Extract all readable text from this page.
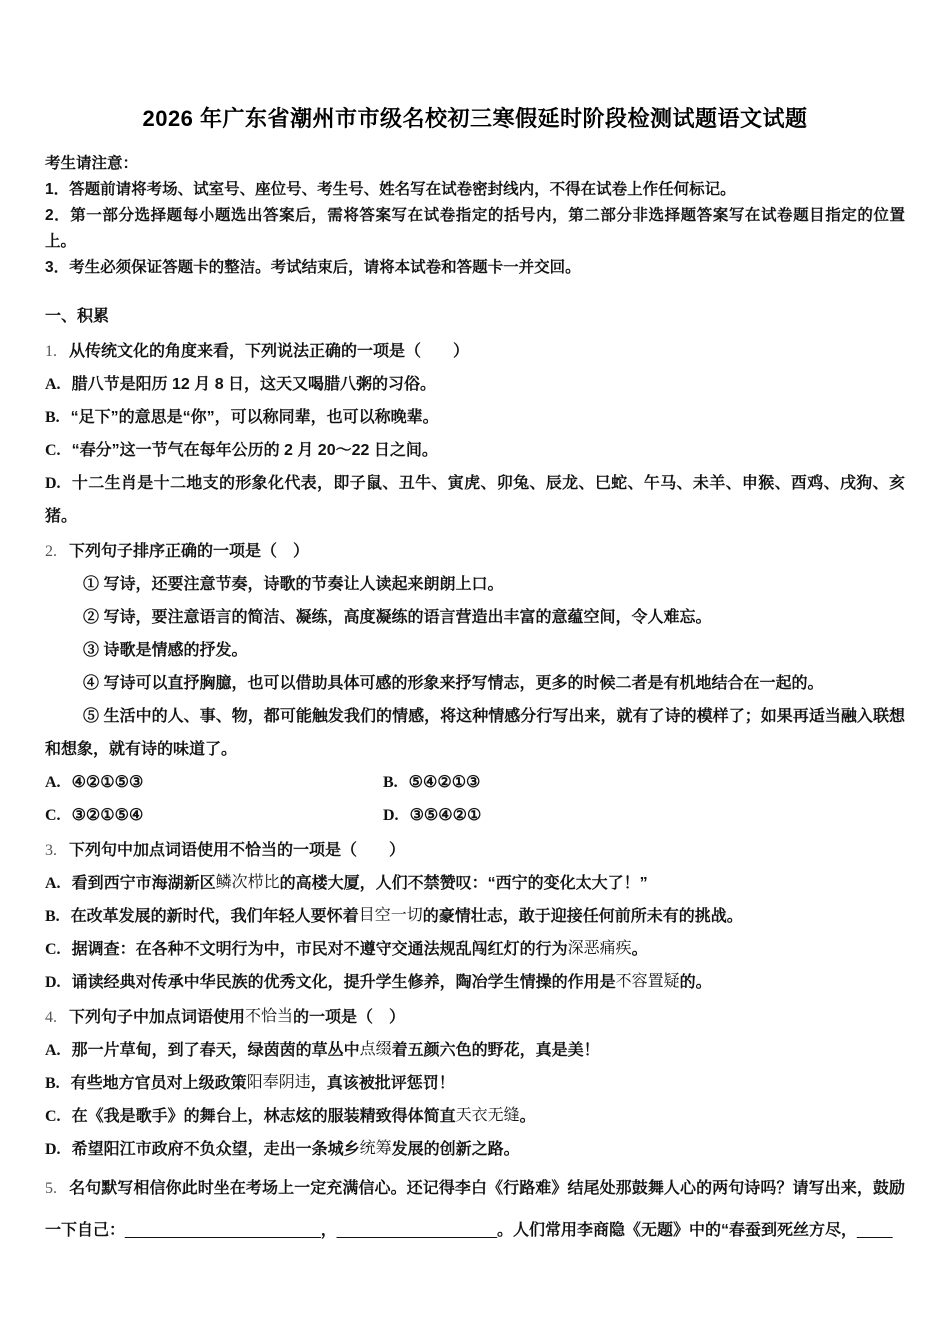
2026 年广东省潮州市市级名校初三寒假延时阶段检测试题语文试题

考生请注意：

1．答题前请将考场、试室号、座位号、考生号、姓名写在试卷密封线内，不得在试卷上作任何标记。

2．第一部分选择题每小题选出答案后，需将答案写在试卷指定的括号内，第二部分非选择题答案写在试卷题目指定的位置上。

3．考生必须保证答题卡的整洁。考试结束后，请将本试卷和答题卡一并交回。

一、积累

1. 从传统文化的角度来看，下列说法正确的一项是（　　）

A. 腊八节是阳历 12 月 8 日，这天又喝腊八粥的习俗。

B. “足下”的意思是“你”，可以称同辈，也可以称晚辈。

C. “春分”这一节气在每年公历的 2 月 20～22 日之间。

D. 十二生肖是十二地支的形象化代表，即子鼠、丑牛、寅虎、卯兔、辰龙、巳蛇、午马、未羊、申猴、酉鸡、戌狗、亥猪。

2. 下列句子排序正确的一项是（　）

① 写诗，还要注意节奏，诗歌的节奏让人读起来朗朗上口。

② 写诗，要注意语言的简洁、凝练，高度凝练的语言营造出丰富的意蕴空间，令人难忘。

③ 诗歌是情感的抒发。

④ 写诗可以直抒胸臆，也可以借助具体可感的形象来抒写情志，更多的时候二者是有机地结合在一起的。

⑤ 生活中的人、事、物，都可能触发我们的情感，将这种情感分行写出来，就有了诗的模样了；如果再适当融入联想和想象，就有诗的味道了。

A. ④②①⑤③	B. ⑤④②①③

C. ③②①⑤④	D. ③⑤④②①

3. 下列句中加点词语使用不恰当的一项是（　　）

A. 看到西宁市海湖新区鳞次栉比的高楼大厦，人们不禁赞叹：“西宁的变化太大了！”

B. 在改革发展的新时代，我们年轻人要怀着目空一切的豪情壮志，敢于迎接任何前所未有的挑战。

C. 据调查：在各种不文明行为中，市民对不遵守交通法规乱闯红灯的行为深恶痛疾。

D. 诵读经典对传承中华民族的优秀文化，提升学生修养，陶冶学生情操的作用是不容置疑的。

4. 下列句子中加点词语使用不恰当的一项是（　）

A. 那一片草甸，到了春天，绿茵茵的草丛中点缀着五颜六色的野花，真是美！

B. 有些地方官员对上级政策阳奉阴违，真该被批评惩罚！

C. 在《我是歌手》的舞台上，林志炫的服装精致得体简直天衣无缝。

D. 希望阳江市政府不负众望，走出一条城乡统筹发展的创新之路。

5. 名句默写相信你此时坐在考场上一定充满信心。还记得李白《行路难》结尾处那鼓舞人心的两句诗吗？请写出来，鼓励一下自己：______________________，__________________。人们常用李商隐《无题》中的“春蚕到死丝方尽，____
